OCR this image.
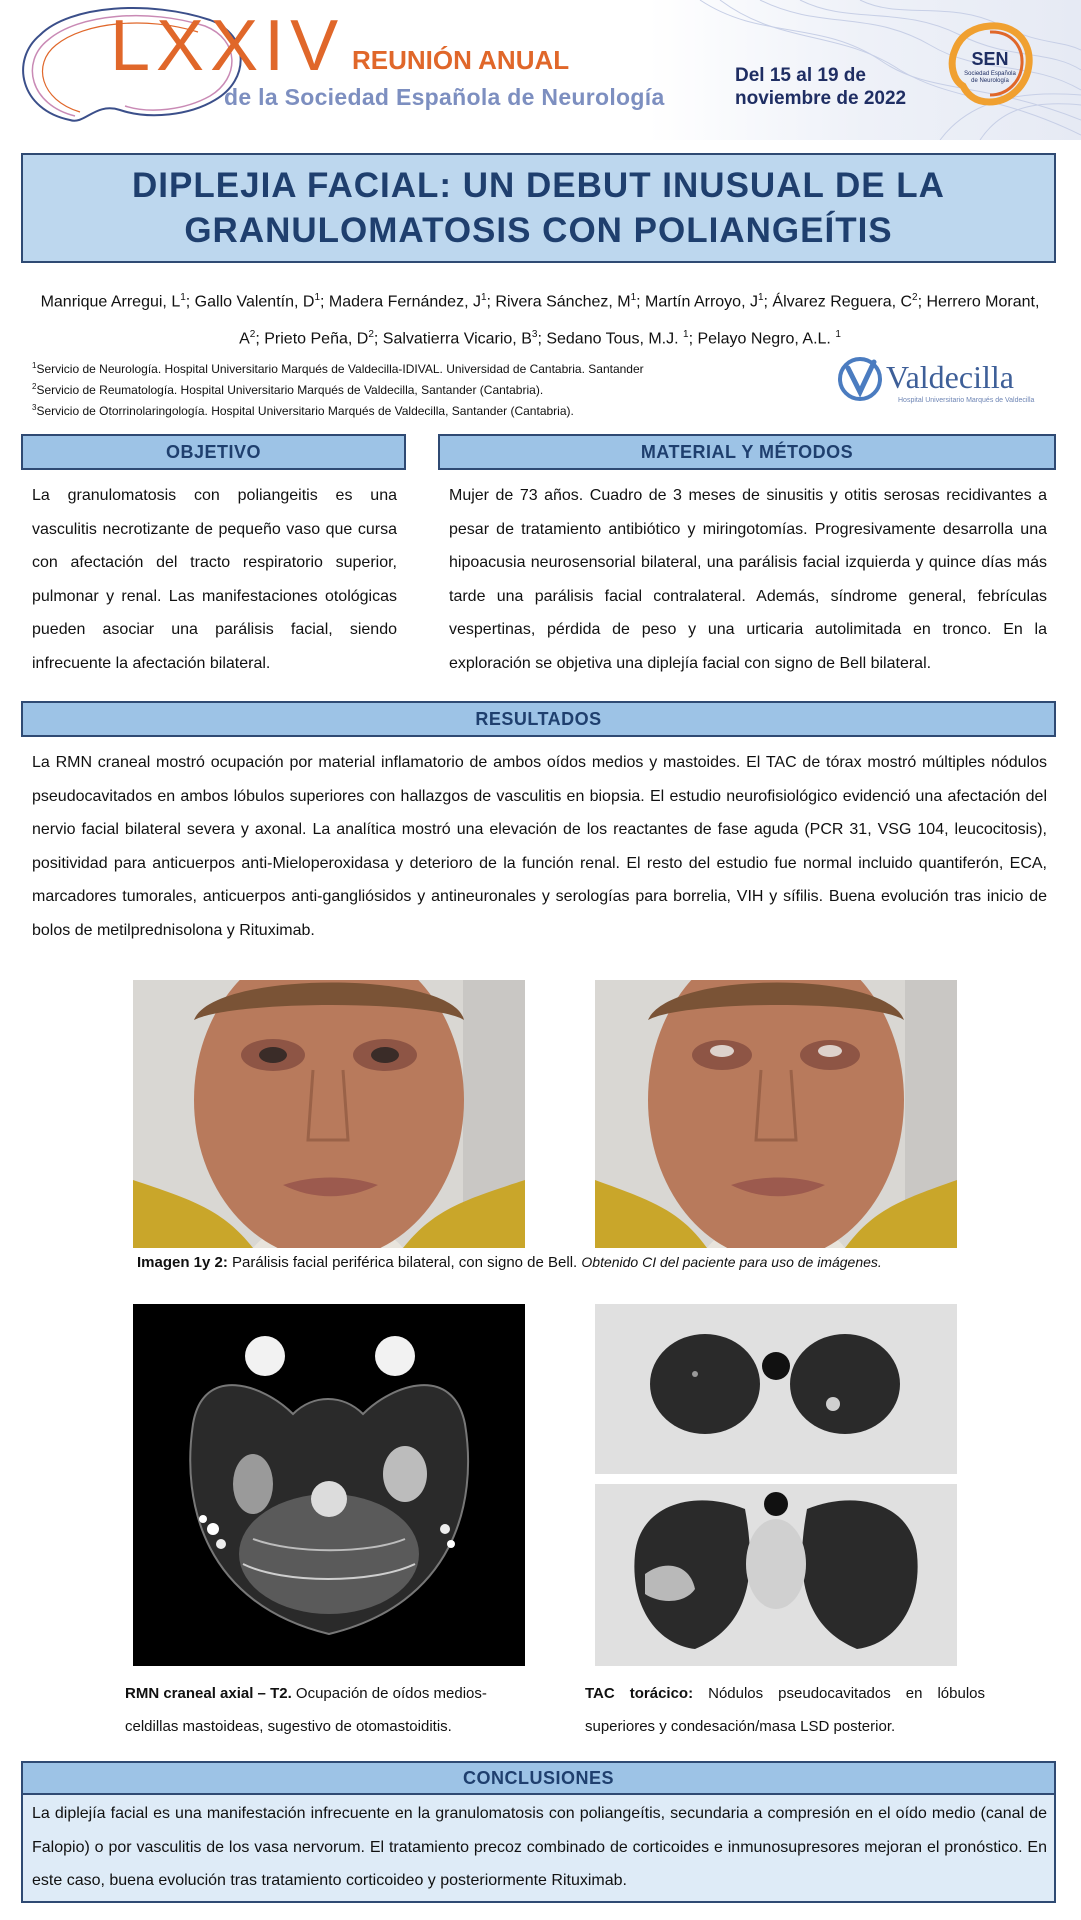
LXXIV REUNIÓN ANUAL
de la Sociedad Española de Neurología
Del 15 al 19 de
noviembre de 2022
SEN
Sociedad Española
de Neurología
DIPLEJIA FACIAL: UN DEBUT INUSUAL DE LA
GRANULOMATOSIS CON POLIANGEÍTIS
Manrique Arregui, $L^1$; Gallo Valentín, $D^1$; Madera Fernández, $J^1$; Rivera Sánchez, $M^1$; Martín Arroyo, $J^1$; Álvarez Reguera, $C^2$; Herrero Morant, $A^2$; Prieto Peña, $D^2$; Salvatierra Vicario, $B^3$; Sedano Tous, M.J. $^1$; Pelayo Negro, A.L. $^1$
$^1$Servicio de Neurología. Hospital Universitario Marqués de Valdecilla-IDIVAL. Universidad de Cantabria. Santander
$^2$Servicio de Reumatología. Hospital Universitario Marqués de Valdecilla, Santander (Cantabria).
$^3$Servicio de Otorrinolaringología. Hospital Universitario Marqués de Valdecilla, Santander (Cantabria).
Valdecilla
Hospital Universitario Marqués de Valdecilla
OBJETIVO
La granulomatosis con poliangeitis es una vasculitis necrotizante de pequeño vaso que cursa con afectación del tracto respiratorio superior, pulmonar y renal. Las manifestaciones otológicas pueden asociar una parálisis facial, siendo infrecuente la afectación bilateral.
MATERIAL Y MÉTODOS
Mujer de 73 años. Cuadro de 3 meses de sinusitis y otitis serosas recidivantes a pesar de tratamiento antibiótico y miringotomías. Progresivamente desarrolla una hipoacusia neurosensorial bilateral, una parálisis facial izquierda y quince días más tarde una parálisis facial contralateral. Además, síndrome general, febrículas vespertinas, pérdida de peso y una urticaria autolimitada en tronco. En la exploración se objetiva una diplejía facial con signo de Bell bilateral.
RESULTADOS
La RMN craneal mostró ocupación por material inflamatorio de ambos oídos medios y mastoides. El TAC de tórax mostró múltiples nódulos pseudocavitados en ambos lóbulos superiores con hallazgos de vasculitis en biopsia. El estudio neurofisiológico evidenció una afectación del nervio facial bilateral severa y axonal. La analítica mostró una elevación de los reactantes de fase aguda (PCR 31, VSG 104, leucocitosis), positividad para anticuerpos anti-Mieloperoxidasa y deterioro de la función renal. El resto del estudio fue normal incluido quantiferón, ECA, marcadores tumorales, anticuerpos anti-gangliósidos y antineuronales y serologías para borrelia, VIH y sífilis. Buena evolución tras inicio de bolos de metilprednisolona y Rituximab.
Imagen 1y 2: Parálisis facial periférica bilateral, con signo de Bell. Obtenido CI del paciente para uso de imágenes.
RMN craneal axial – T2. Ocupación de oídos medios-celdillas mastoideas, sugestivo de otomastoiditis.
TAC torácico: Nódulos pseudocavitados en lóbulos superiores y condesación/masa LSD posterior.
CONCLUSIONES
La diplejía facial es una manifestación infrecuente en la granulomatosis con poliangeítis, secundaria a compresión en el oído medio (canal de Falopio) o por vasculitis de los vasa nervorum. El tratamiento precoz combinado de corticoides e inmunosupresores mejoran el pronóstico. En este caso, buena evolución tras tratamiento corticoideo y posteriormente Rituximab.
